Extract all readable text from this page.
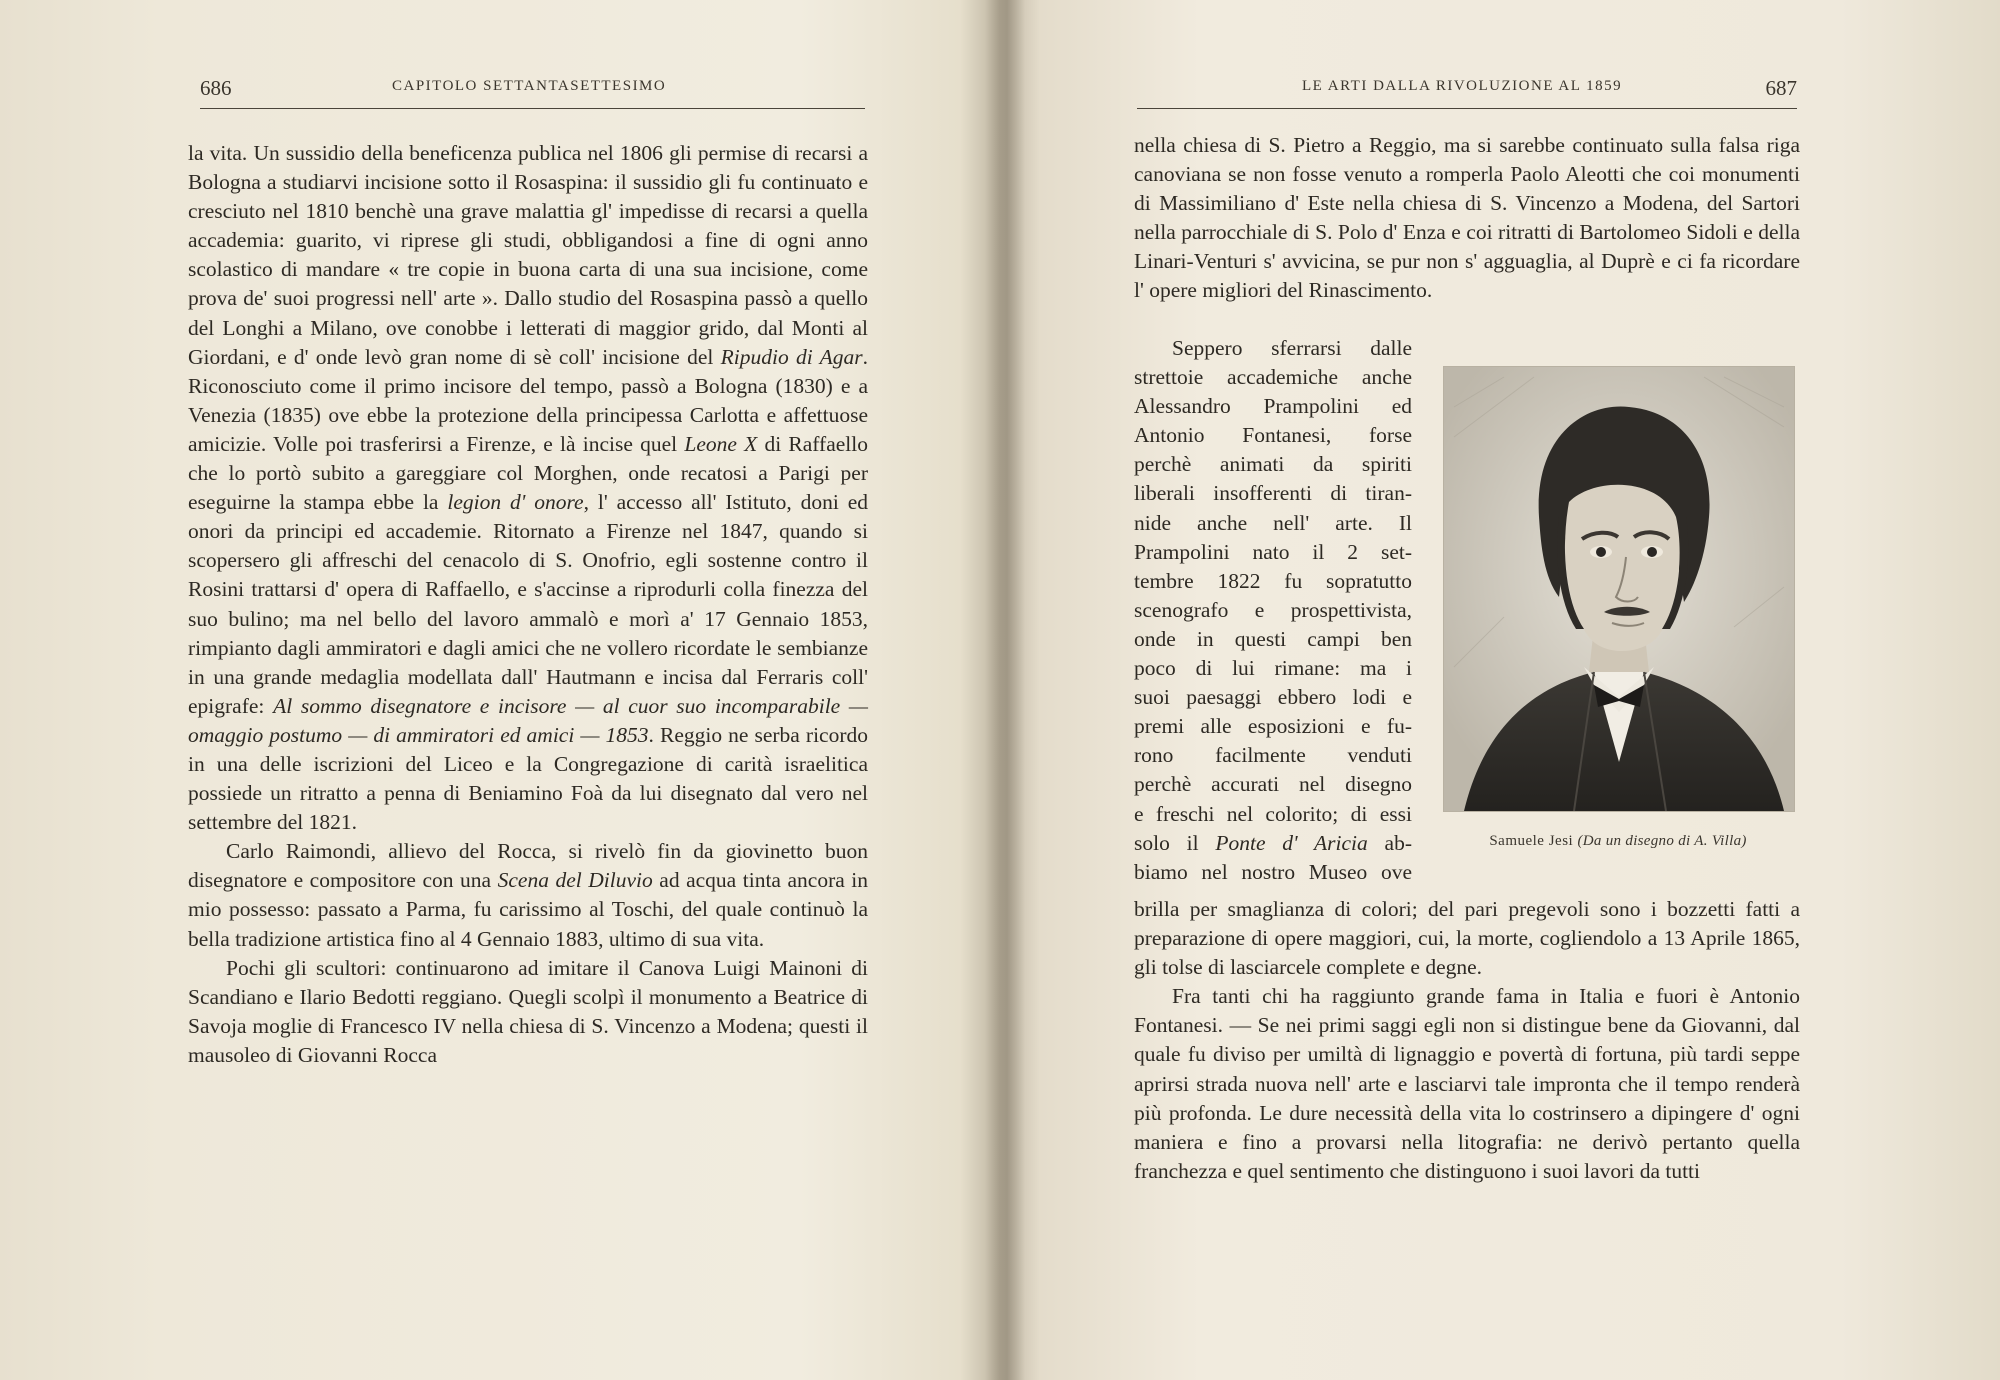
686	CAPITOLO SETTANTASETTESIMO

la vita. Un sussidio della beneficenza publica nel 1806 gli permise di recarsi a Bologna a studiarvi incisione sotto il Rosaspina: il sussidio gli fu continuato e cresciuto nel 1810 benchè una grave malattia gl' impedisse di recarsi a quella accademia: guarito, vi riprese gli studi, obbligandosi a fine di ogni anno scolastico di mandare « tre copie in buona carta di una sua incisione, come prova de' suoi progressi nell' arte ». Dallo studio del Rosaspina passò a quello del Longhi a Milano, ove conobbe i letterati di maggior grido, dal Monti al Giordani, e d' onde levò gran nome di sè coll' incisione del Ripudio di Agar. Riconosciuto come il primo incisore del tempo, passò a Bologna (1830) e a Venezia (1835) ove ebbe la protezione della principessa Carlotta e affettuose amicizie. Volle poi trasferirsi a Firenze, e là incise quel Leone X di Raffaello che lo portò subito a gareggiare col Morghen, onde recatosi a Parigi per eseguirne la stampa ebbe la legion d' onore, l' accesso all' Istituto, doni ed onori da principi ed accademie. Ritornato a Firenze nel 1847, quando si scopersero gli affreschi del cenacolo di S. Onofrio, egli sostenne contro il Rosini trattarsi d' opera di Raffaello, e s'accinse a riprodurli colla finezza del suo bulino; ma nel bello del lavoro ammalò e morì a' 17 Gennaio 1853, rimpianto dagli ammiratori e dagli amici che ne vollero ricordate le sembianze in una grande medaglia modellata dall' Hautmann e incisa dal Ferraris coll' epigrafe: Al sommo disegnatore e incisore — al cuor suo incomparabile — omaggio postumo — di ammiratori ed amici — 1853. Reggio ne serba ricordo in una delle iscrizioni del Liceo e la Congregazione di carità israelitica possiede un ritratto a penna di Beniamino Foà da lui disegnato dal vero nel settembre del 1821.

Carlo Raimondi, allievo del Rocca, si rivelò fin da giovinetto buon disegnatore e compositore con una Scena del Diluvio ad acqua tinta ancora in mio possesso: passato a Parma, fu carissimo al Toschi, del quale continuò la bella tradizione artistica fino al 4 Gennaio 1883, ultimo di sua vita.

Pochi gli scultori: continuarono ad imitare il Canova Luigi Mainoni di Scandiano e Ilario Bedotti reggiano. Quegli scolpì il monumento a Beatrice di Savoja moglie di Francesco IV nella chiesa di S. Vincenzo a Modena; questi il mausoleo di Giovanni Rocca

LE ARTI DALLA RIVOLUZIONE AL 1859	687

nella chiesa di S. Pietro a Reggio, ma si sarebbe continuato sulla falsa riga canoviana se non fosse venuto a romperla Paolo Aleotti che coi monumenti di Massimiliano d' Este nella chiesa di S. Vincenzo a Modena, del Sartori nella parrocchiale di S. Polo d' Enza e coi ritratti di Bartolomeo Sidoli e della Linari-Venturi s' avvicina, se pur non s' agguaglia, al Duprè e ci fa ricordare l' opere migliori del Rinascimento.

Seppero sferrarsi dalle
strettoie accademiche anche
Alessandro Prampolini ed
Antonio Fontanesi, forse
perchè animati da spiriti
liberali insofferenti di tiran-
nide anche nell' arte. Il
Prampolini nato il 2 set-
tembre 1822 fu sopratutto
scenografo e prospettivista,
onde in questi campi ben
poco di lui rimane: ma i
suoi paesaggi ebbero lodi e
premi alle esposizioni e fu-
rono facilmente venduti
perchè accurati nel disegno
e freschi nel colorito; di essi
solo il Ponte d' Aricia ab-
biamo nel nostro Museo ove
Samuele Jesi (Da un disegno di A. Villa)

brilla per smaglianza di colori; del pari pregevoli sono i bozzetti fatti a preparazione di opere maggiori, cui, la morte, cogliendolo a 13 Aprile 1865, gli tolse di lasciarcele complete e degne.

Fra tanti chi ha raggiunto grande fama in Italia e fuori è Antonio Fontanesi. — Se nei primi saggi egli non si distingue bene da Giovanni, dal quale fu diviso per umiltà di lignaggio e povertà di fortuna, più tardi seppe aprirsi strada nuova nell' arte e lasciarvi tale impronta che il tempo renderà più profonda. Le dure necessità della vita lo costrinsero a dipingere d' ogni maniera e fino a provarsi nella litografia: ne derivò pertanto quella franchezza e quel sentimento che distinguono i suoi lavori da tutti
